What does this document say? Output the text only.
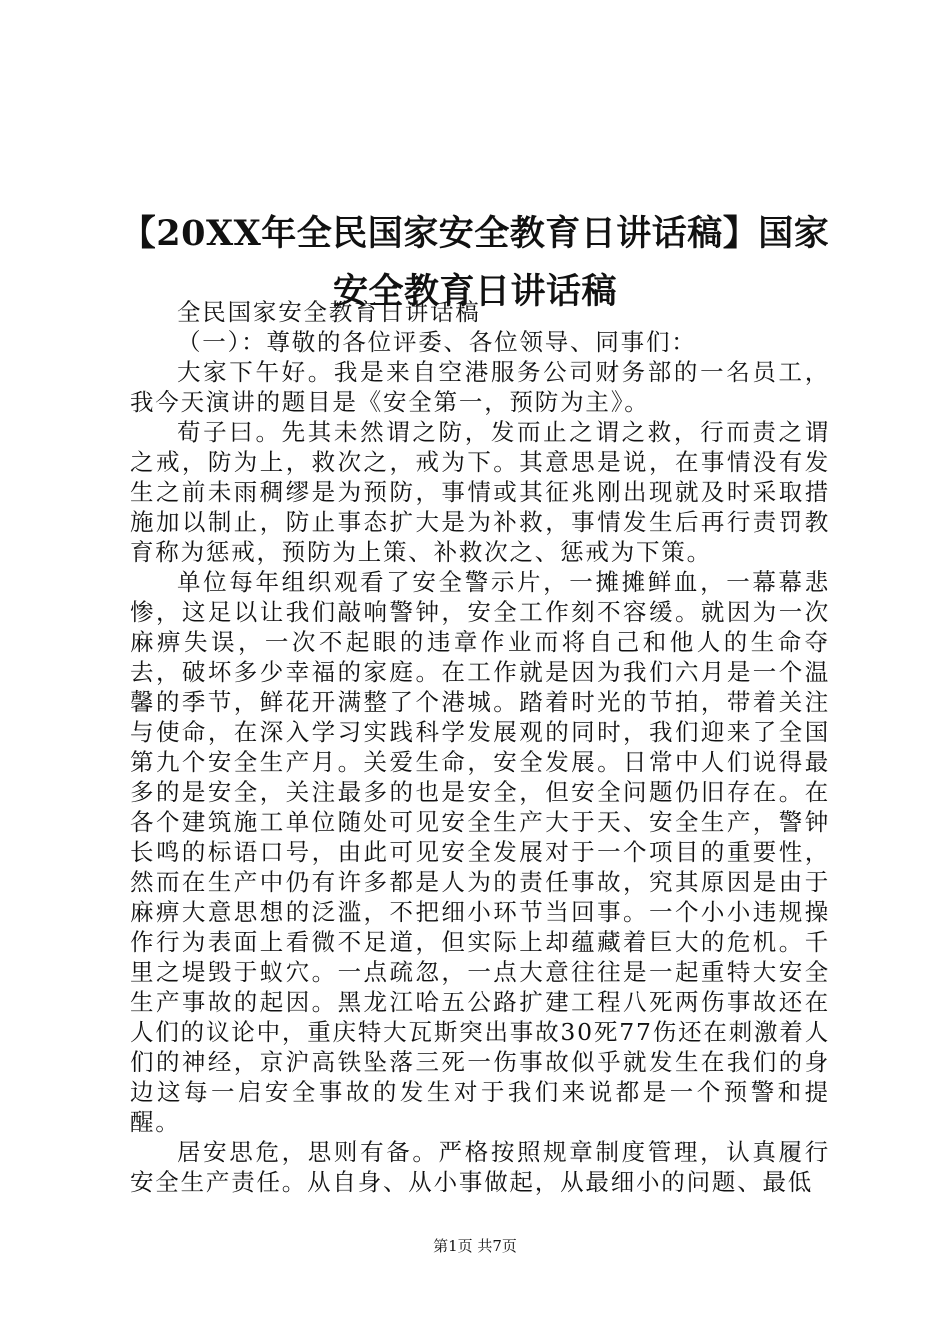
【20XX年全民国家安全教育日讲话稿】国家安全教育日讲话稿

全民国家安全教育日讲话稿

（一）：尊敬的各位评委、各位领导、同事们：

大家下午好。我是来自空港服务公司财务部的一名员工，我今天演讲的题目是《安全第一，预防为主》。

荀子曰。先其未然谓之防，发而止之谓之救，行而责之谓之戒，防为上，救次之，戒为下。其意思是说，在事情没有发生之前未雨稠缪是为预防，事情或其征兆刚出现就及时采取措施加以制止，防止事态扩大是为补救，事情发生后再行责罚教育称为惩戒，预防为上策、补救次之、惩戒为下策。

单位每年组织观看了安全警示片，一摊摊鲜血，一幕幕悲惨，这足以让我们敲响警钟，安全工作刻不容缓。就因为一次麻痹失误，一次不起眼的违章作业而将自己和他人的生命夺去，破坏多少幸福的家庭。在工作就是因为我们六月是一个温馨的季节，鲜花开满整了个港城。踏着时光的节拍，带着关注与使命，在深入学习实践科学发展观的同时，我们迎来了全国第九个安全生产月。关爱生命，安全发展。日常中人们说得最多的是安全，关注最多的也是安全，但安全问题仍旧存在。在各个建筑施工单位随处可见安全生产大于天、安全生产，警钟长鸣的标语口号，由此可见安全发展对于一个项目的重要性，然而在生产中仍有许多都是人为的责任事故，究其原因是由于麻痹大意思想的泛滥，不把细小环节当回事。一个小小违规操作行为表面上看微不足道，但实际上却蕴藏着巨大的危机。千里之堤毁于蚁穴。一点疏忽，一点大意往往是一起重特大安全生产事故的起因。黑龙江哈五公路扩建工程八死两伤事故还在人们的议论中，重庆特大瓦斯突出事故30死77伤还在刺激着人们的神经，京沪高铁坠落三死一伤事故似乎就发生在我们的身边这每一启安全事故的发生对于我们来说都是一个预警和提醒。

居安思危，思则有备。严格按照规章制度管理，认真履行安全生产责任。从自身、从小事做起，从最细小的问题、最低

第1页 共7页
